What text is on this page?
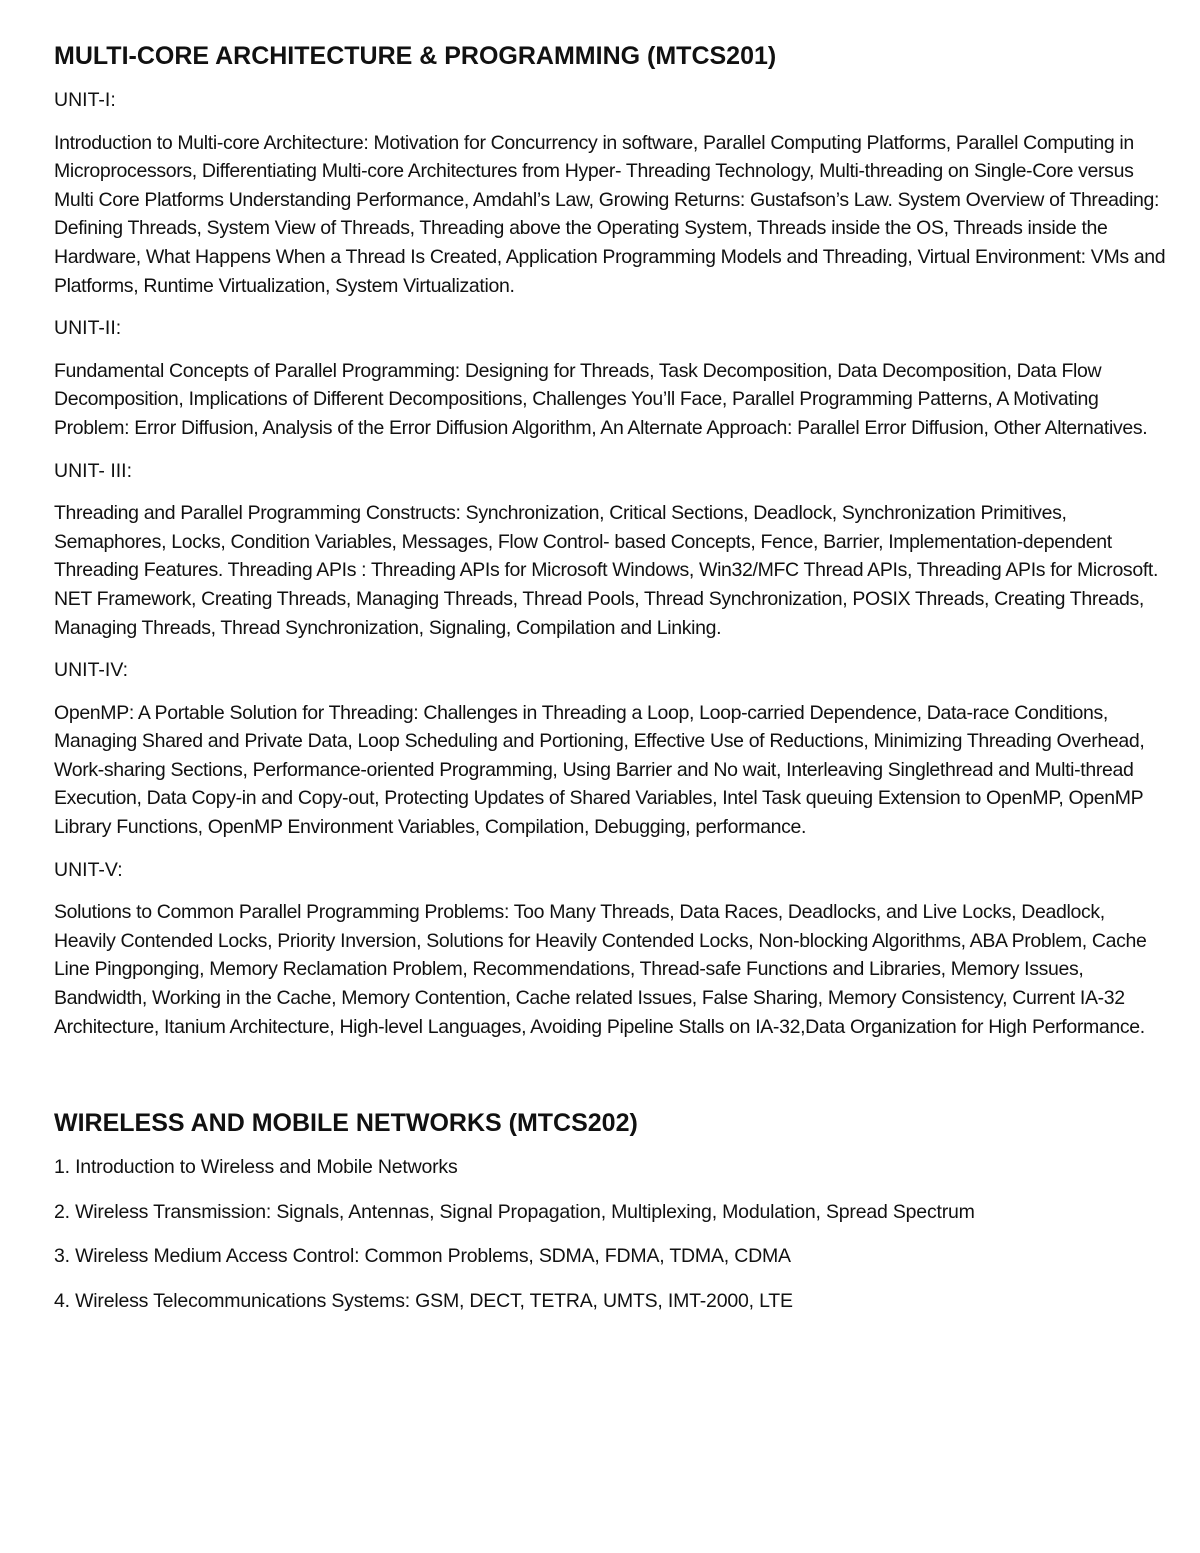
MULTI-CORE ARCHITECTURE & PROGRAMMING (MTCS201)

UNIT-I:

Introduction to Multi-core Architecture: Motivation for Concurrency in software, Parallel Computing Platforms, Parallel Computing in Microprocessors, Differentiating Multi-core Architectures from Hyper- Threading Technology, Multi-threading on Single-Core versus Multi Core Platforms Understanding Performance, Amdahl’s Law, Growing Returns: Gustafson’s Law. System Overview of Threading: Defining Threads, System View of Threads, Threading above the Operating System, Threads inside the OS, Threads inside the Hardware, What Happens When a Thread Is Created, Application Programming Models and Threading, Virtual Environment: VMs and Platforms, Runtime Virtualization, System Virtualization.

UNIT-II:

Fundamental Concepts of Parallel Programming: Designing for Threads, Task Decomposition, Data Decomposition, Data Flow Decomposition, Implications of Different Decompositions, Challenges You’ll Face, Parallel Programming Patterns, A Motivating Problem: Error Diffusion, Analysis of the Error Diffusion Algorithm, An Alternate Approach: Parallel Error Diffusion, Other Alternatives.

UNIT- III:

Threading and Parallel Programming Constructs: Synchronization, Critical Sections, Deadlock, Synchronization Primitives, Semaphores, Locks, Condition Variables, Messages, Flow Control- based Concepts, Fence, Barrier, Implementation-dependent Threading Features. Threading APIs : Threading APIs for Microsoft Windows, Win32/MFC Thread APIs, Threading APIs for Microsoft. NET Framework, Creating Threads, Managing Threads, Thread Pools, Thread Synchronization, POSIX Threads, Creating Threads, Managing Threads, Thread Synchronization, Signaling, Compilation and Linking.

UNIT-IV:

OpenMP: A Portable Solution for Threading: Challenges in Threading a Loop, Loop-carried Dependence, Data-race Conditions, Managing Shared and Private Data, Loop Scheduling and Portioning, Effective Use of Reductions, Minimizing Threading Overhead, Work-sharing Sections, Performance-oriented Programming, Using Barrier and No wait, Interleaving Singlethread and Multi-thread Execution, Data Copy-in and Copy-out, Protecting Updates of Shared Variables, Intel Task queuing Extension to OpenMP, OpenMP Library Functions, OpenMP Environment Variables, Compilation, Debugging, performance.

UNIT-V:

Solutions to Common Parallel Programming Problems: Too Many Threads, Data Races, Deadlocks, and Live Locks, Deadlock, Heavily Contended Locks, Priority Inversion, Solutions for Heavily Contended Locks, Non-blocking Algorithms, ABA Problem, Cache Line Pingponging, Memory Reclamation Problem, Recommendations, Thread-safe Functions and Libraries, Memory Issues, Bandwidth, Working in the Cache, Memory Contention, Cache related Issues, False Sharing, Memory Consistency, Current IA-32 Architecture, Itanium Architecture, High-level Languages, Avoiding Pipeline Stalls on IA-32,Data Organization for High Performance.

WIRELESS AND MOBILE NETWORKS (MTCS202)

1. Introduction to Wireless and Mobile Networks

2. Wireless Transmission: Signals, Antennas, Signal Propagation, Multiplexing, Modulation, Spread Spectrum

3. Wireless Medium Access Control: Common Problems, SDMA, FDMA, TDMA, CDMA

4. Wireless Telecommunications Systems: GSM, DECT, TETRA, UMTS, IMT-2000, LTE
